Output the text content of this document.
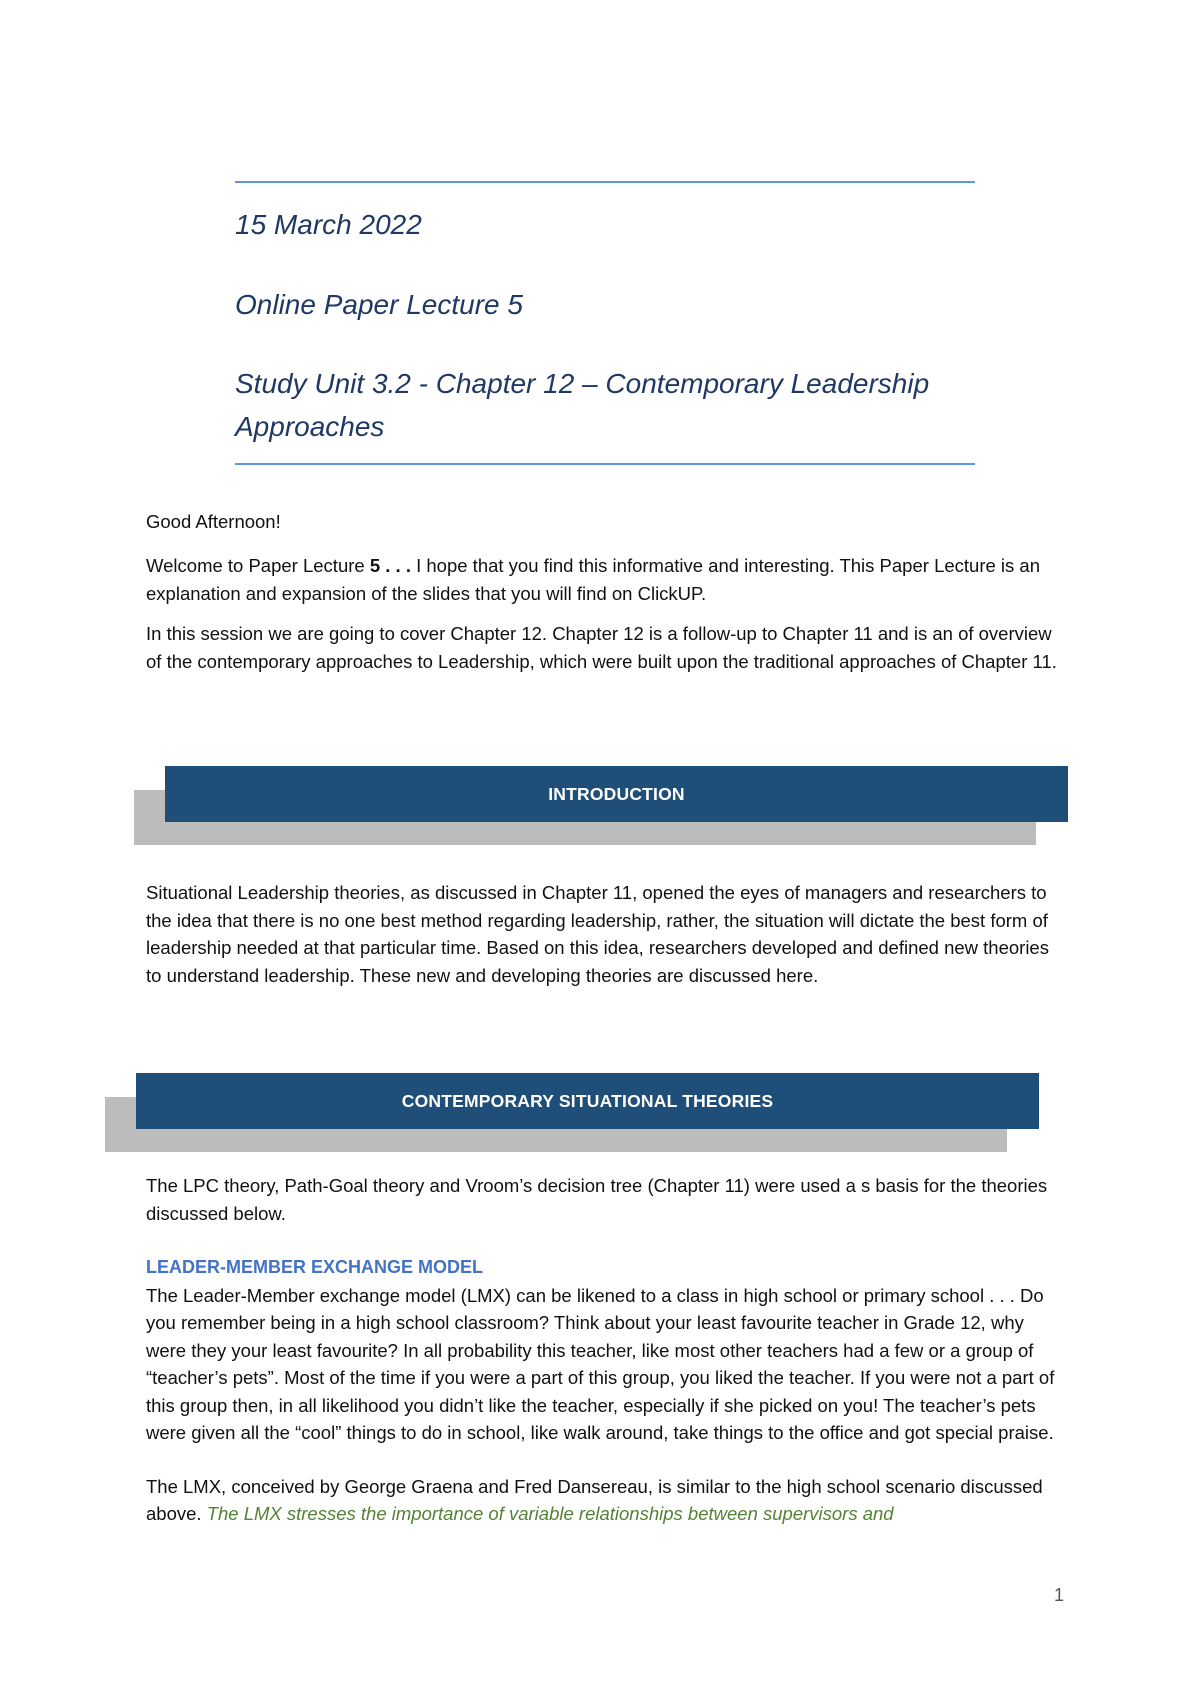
15 March 2022
Online Paper Lecture 5
Study Unit 3.2 - Chapter 12 – Contemporary Leadership
Approaches

Good Afternoon!

Welcome to Paper Lecture 5 . . . I hope that you find this informative and interesting. This Paper Lecture is an explanation and expansion of the slides that you will find on ClickUP.

In this session we are going to cover Chapter 12. Chapter 12 is a follow-up to Chapter 11 and is an of overview of the contemporary approaches to Leadership, which were built upon the traditional approaches of Chapter 11.

INTRODUCTION

Situational Leadership theories, as discussed in Chapter 11, opened the eyes of managers and researchers to the idea that there is no one best method regarding leadership, rather, the situation will dictate the best form of leadership needed at that particular time. Based on this idea, researchers developed and defined new theories to understand leadership. These new and developing theories are discussed here.

CONTEMPORARY SITUATIONAL THEORIES

The LPC theory, Path-Goal theory and Vroom’s decision tree (Chapter 11) were used a s basis for the theories discussed below.

LEADER-MEMBER EXCHANGE MODEL

The Leader-Member exchange model (LMX) can be likened to a class in high school or primary school . . . Do you remember being in a high school classroom? Think about your least favourite teacher in Grade 12, why were they your least favourite? In all probability this teacher, like most other teachers had a few or a group of “teacher’s pets”. Most of the time if you were a part of this group, you liked the teacher. If you were not a part of this group then, in all likelihood you didn’t like the teacher, especially if she picked on you! The teacher’s pets were given all the “cool” things to do in school, like walk around, take things to the office and got special praise.

The LMX, conceived by George Graena and Fred Dansereau, is similar to the high school scenario discussed above. The LMX stresses the importance of variable relationships between supervisors and

1
